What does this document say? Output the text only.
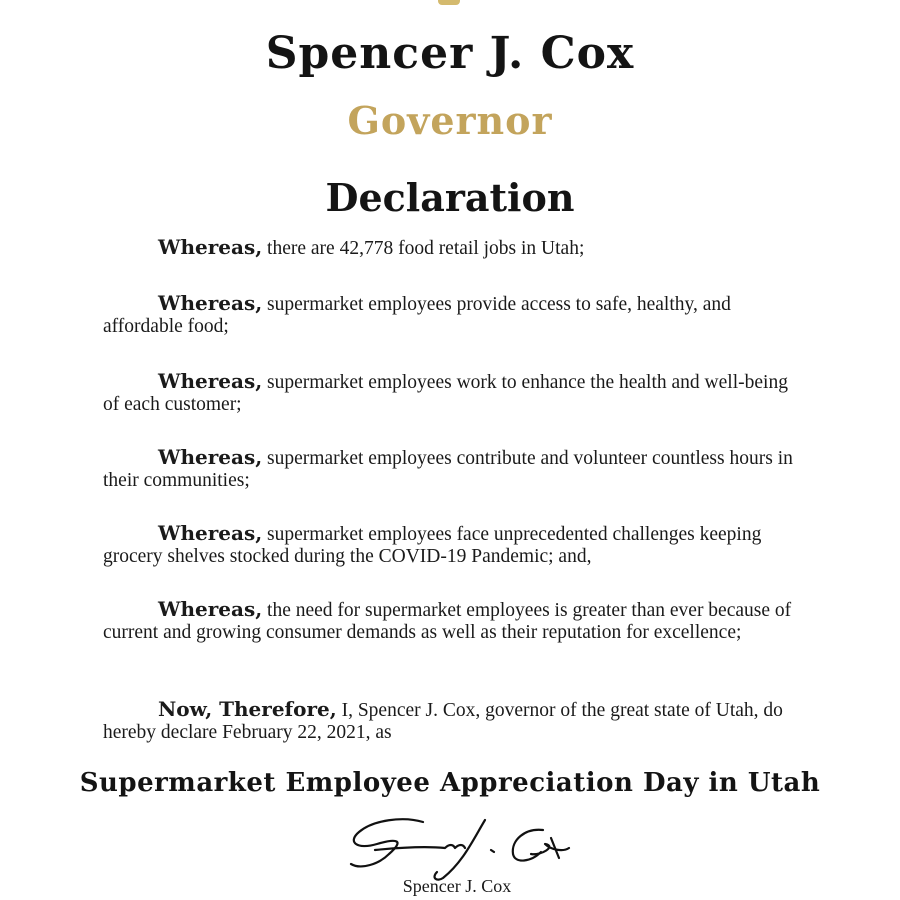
Spencer J. Cox
Governor
Declaration

Whereas, there are 42,778 food retail jobs in Utah;

Whereas, supermarket employees provide access to safe, healthy, and affordable food;

Whereas, supermarket employees work to enhance the health and well-being of each customer;

Whereas, supermarket employees contribute and volunteer countless hours in their communities;

Whereas, supermarket employees face unprecedented challenges keeping grocery shelves stocked during the COVID-19 Pandemic; and,

Whereas, the need for supermarket employees is greater than ever because of current and growing consumer demands as well as their reputation for excellence;

Now, Therefore, I, Spencer J. Cox, governor of the great state of Utah, do hereby declare February 22, 2021, as

Supermarket Employee Appreciation Day in Utah
Spencer J. Cox
